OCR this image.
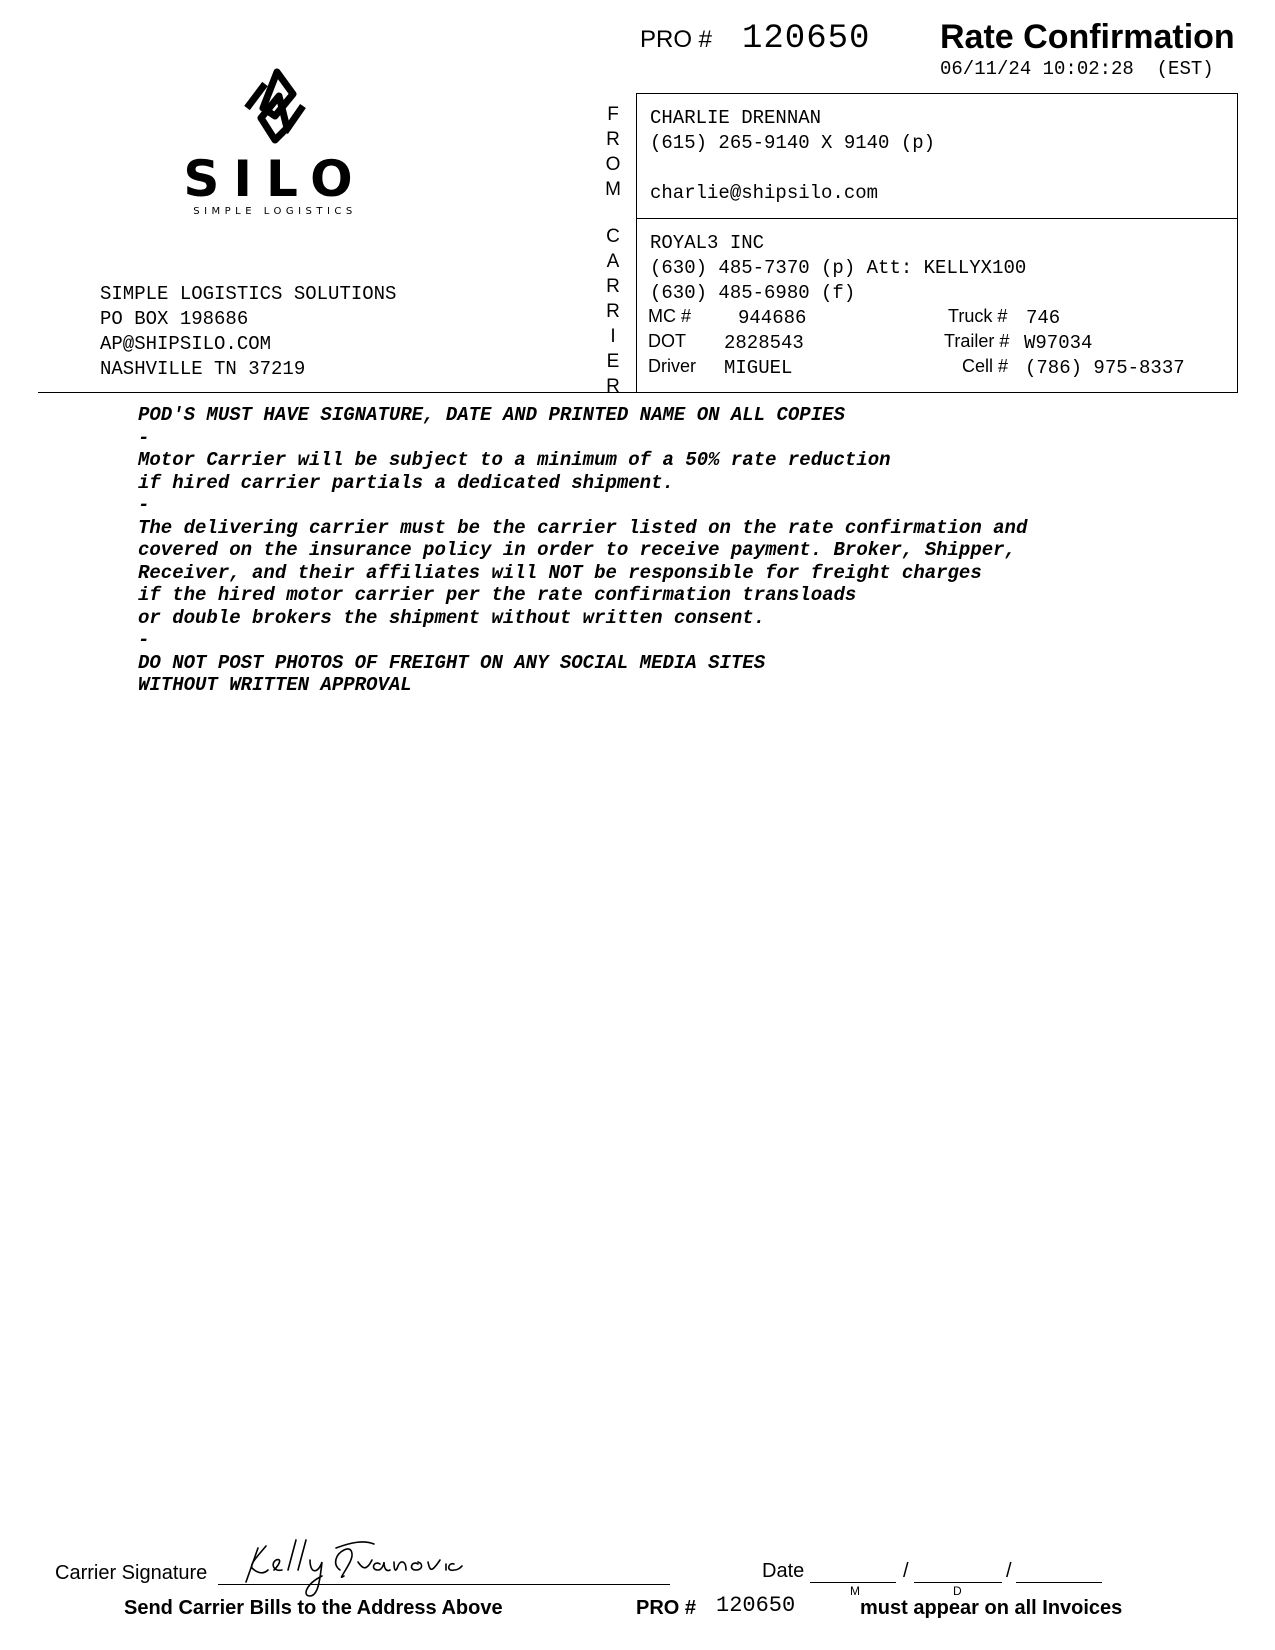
PRO # 120650 Rate Confirmation
06/11/24 10:02:28  (EST)
SILO
SIMPLE LOGISTICS
SIMPLE LOGISTICS SOLUTIONS
PO BOX 198686
AP@SHIPSILO.COM
NASHVILLE TN 37219
F
R
O
M
C
A
R
R
I
E
R
CHARLIE DRENNAN
(615) 265-9140 X 9140 (p)
charlie@shipsilo.com
ROYAL3 INC
(630) 485-7370 (p) Att: KELLYX100
(630) 485-6980 (f)
MC # 944686	Truck # 746
DOT 2828543	Trailer # W97034
Driver MIGUEL	Cell # (786) 975-8337
POD'S MUST HAVE SIGNATURE, DATE AND PRINTED NAME ON ALL COPIES
-
Motor Carrier will be subject to a minimum of a 50% rate reduction
if hired carrier partials a dedicated shipment.
-
The delivering carrier must be the carrier listed on the rate confirmation and
covered on the insurance policy in order to receive payment. Broker, Shipper,
Receiver, and their affiliates will NOT be responsible for freight charges
if the hired motor carrier per the rate confirmation transloads
or double brokers the shipment without written consent.
-
DO NOT POST PHOTOS OF FREIGHT ON ANY SOCIAL MEDIA SITES
WITHOUT WRITTEN APPROVAL
Carrier Signature	Date	/	/
M	D
Send Carrier Bills to the Address Above	PRO # 120650	must appear on all Invoices
